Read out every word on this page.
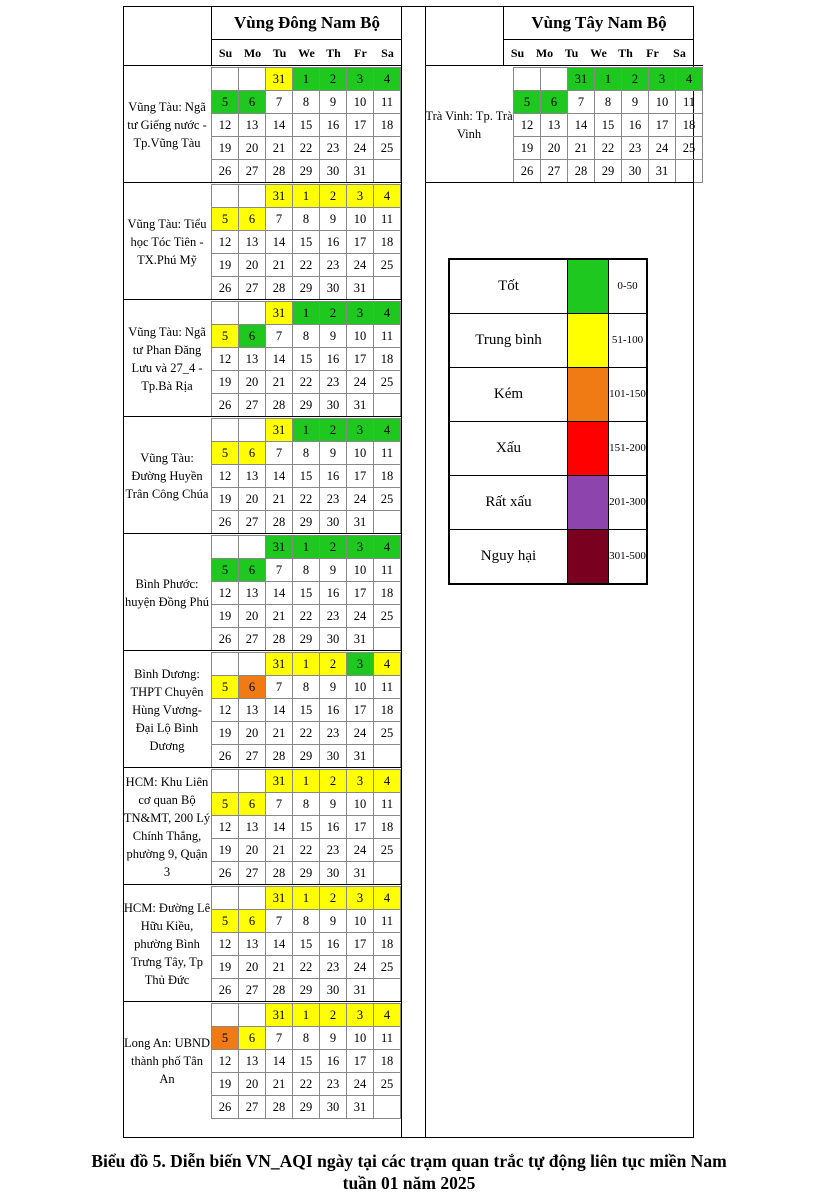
Vùng Đông Nam Bộ
Su Mo Tu We Th	Fr	Sa
Vũng Tàu: Ngã tư Giếng nước - Tp.Vũng Tàu
		31	1	2	3	4
5	6	7	8	9	10	11
12	13	14	15	16	17	18
19	20	21	22	23	24	25
26	27	28	29	30	31	
Vũng Tàu: Tiểu học Tóc Tiên - TX.Phú Mỹ
		31	1	2	3	4
5	6	7	8	9	10	11
12	13	14	15	16	17	18
19	20	21	22	23	24	25
26	27	28	29	30	31	
Vũng Tàu: Ngã tư Phan Đăng Lưu và 27_4 - Tp.Bà Rịa
		31	1	2	3	4
5	6	7	8	9	10	11
12	13	14	15	16	17	18
19	20	21	22	23	24	25
26	27	28	29	30	31	
Vũng Tàu: Đường Huyền Trân Công Chúa
		31	1	2	3	4
5	6	7	8	9	10	11
12	13	14	15	16	17	18
19	20	21	22	23	24	25
26	27	28	29	30	31	
Bình Phước: huyện Đồng Phú
		31	1	2	3	4
5	6	7	8	9	10	11
12	13	14	15	16	17	18
19	20	21	22	23	24	25
26	27	28	29	30	31	
Bình Dương: THPT Chuyên Hùng Vương- Đại Lộ Bình Dương
		31	1	2	3	4
5	6	7	8	9	10	11
12	13	14	15	16	17	18
19	20	21	22	23	24	25
26	27	28	29	30	31	
HCM: Khu Liên cơ quan Bộ TN&MT, 200 Lý Chính Thắng, phường 9, Quận 3
		31	1	2	3	4
5	6	7	8	9	10	11
12	13	14	15	16	17	18
19	20	21	22	23	24	25
26	27	28	29	30	31	
HCM: Đường Lê Hữu Kiều, phường Bình Trưng Tây, Tp Thủ Đức
		31	1	2	3	4
5	6	7	8	9	10	11
12	13	14	15	16	17	18
19	20	21	22	23	24	25
26	27	28	29	30	31	
Long An: UBND thành phố Tân An
		31	1	2	3	4
5	6	7	8	9	10	11
12	13	14	15	16	17	18
19	20	21	22	23	24	25
26	27	28	29	30	31	
Vùng Tây Nam Bộ
Su Mo Tu We Th	Fr	Sa
Trà Vinh: Tp. Trà Vinh
		31	1	2	3	4
5	6	7	8	9	10	11
12	13	14	15	16	17	18
19	20	21	22	23	24	25
26	27	28	29	30	31	
Tốt		0-50
Trung bình		51-100
Kém		101-150
Xấu		151-200
Rất xấu		201-300
Nguy hại		301-500
Biểu đồ 5. Diễn biến VN_AQI ngày tại các trạm quan trắc tự động liên tục miền Nam
tuần 01 năm 2025
